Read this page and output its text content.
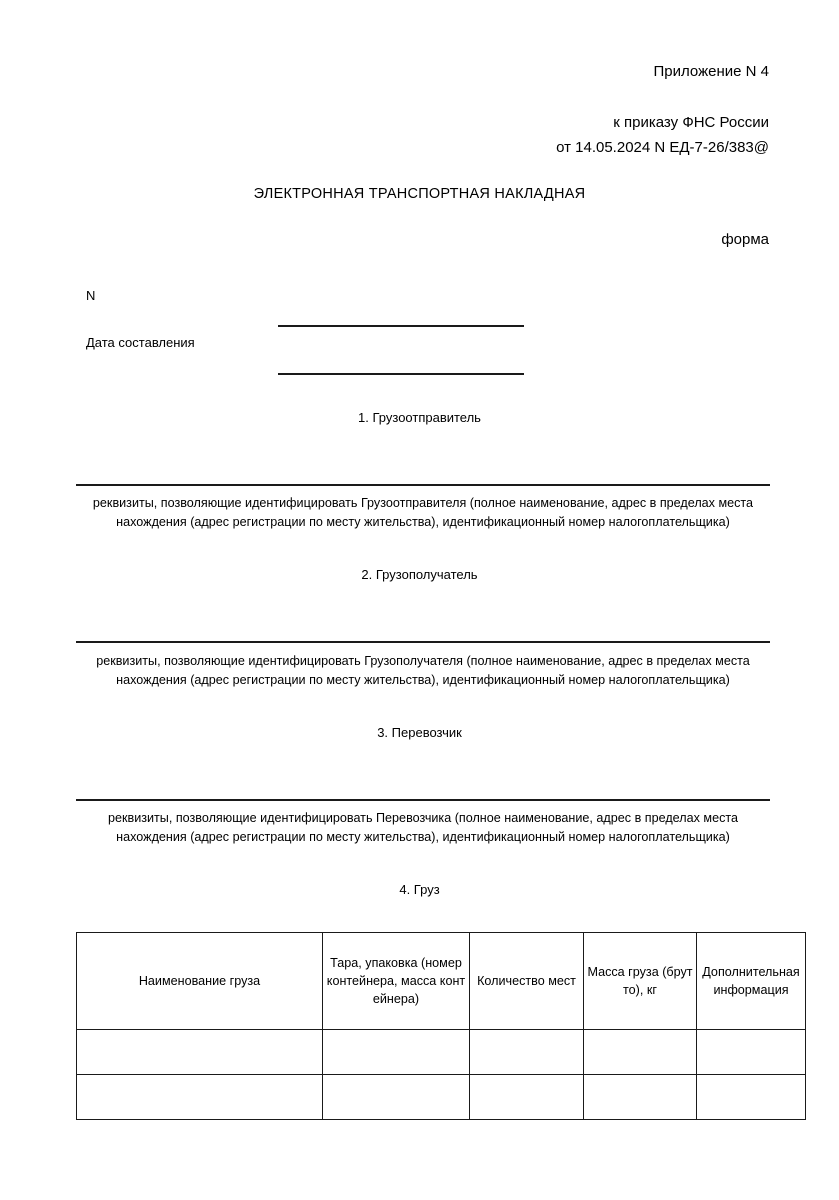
Приложение N 4
к приказу ФНС России
от 14.05.2024 N ЕД-7-26/383@
ЭЛЕКТРОННАЯ ТРАНСПОРТНАЯ НАКЛАДНАЯ
форма
N
Дата составления
1. Грузоотправитель
реквизиты, позволяющие идентифицировать Грузоотправителя (полное наименование, адрес в пределах места нахождения (адрес регистрации по месту жительства), идентификационный номер налогоплательщика)
2. Грузополучатель
реквизиты, позволяющие идентифицировать Грузополучателя (полное наименование, адрес в пределах места нахождения (адрес регистрации по месту жительства), идентификационный номер налогоплательщика)
3. Перевозчик
реквизиты, позволяющие идентифицировать Перевозчика (полное наименование, адрес в пределах места нахождения (адрес регистрации по месту жительства), идентификационный номер налогоплательщика)
4. Груз
Наименование груза	Тара, упаковка (номер контейнера, масса контейнера)	Количество мест	Масса груза (брутто), кг	Дополнительная информация
